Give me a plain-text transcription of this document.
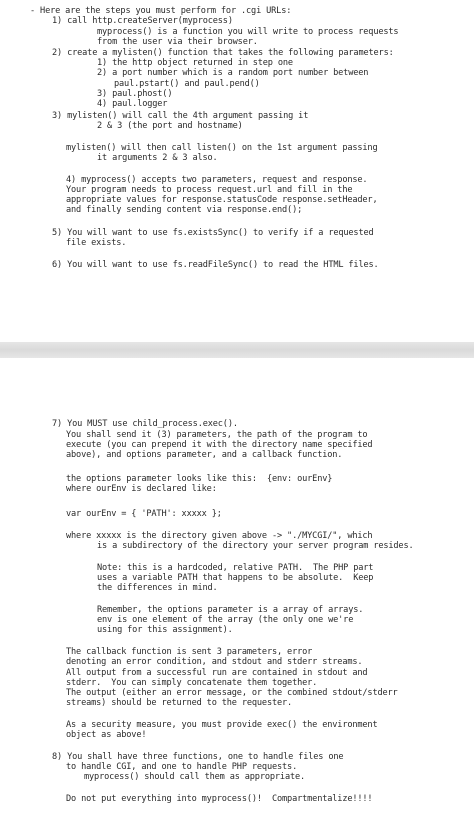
- Here are the steps you must perform for .cgi URLs:
1) call http.createServer(myprocess)
myprocess() is a function you will write to process requests
from the user via their browser.
2) create a mylisten() function that takes the following parameters:
1) the http object returned in step one
2) a port number which is a random port number between
paul.pstart() and paul.pend()
3) paul.phost()
4) paul.logger
3) mylisten() will call the 4th argument passing it
2 & 3 (the port and hostname)
mylisten() will then call listen() on the 1st argument passing
it arguments 2 & 3 also.
4) myprocess() accepts two parameters, request and response.
Your program needs to process request.url and fill in the
appropriate values for response.statusCode response.setHeader,
and finally sending content via response.end();
5) You will want to use fs.existsSync() to verify if a requested
file exists.
6) You will want to use fs.readFileSync() to read the HTML files.
7) You MUST use child_process.exec().
You shall send it (3) parameters, the path of the program to
execute (you can prepend it with the directory name specified
above), and options parameter, and a callback function.
the options parameter looks like this:  {env: ourEnv}
where ourEnv is declared like:
var ourEnv = { 'PATH': xxxxx };
where xxxxx is the directory given above -> "./MYCGI/", which
is a subdirectory of the directory your server program resides.
Note: this is a hardcoded, relative PATH.  The PHP part
uses a variable PATH that happens to be absolute.  Keep
the differences in mind.
Remember, the options parameter is a array of arrays.
env is one element of the array (the only one we're
using for this assignment).
The callback function is sent 3 parameters, error
denoting an error condition, and stdout and stderr streams.
All output from a successful run are contained in stdout and
stderr.  You can simply concatenate them together.
The output (either an error message, or the combined stdout/stderr
streams) should be returned to the requester.
As a security measure, you must provide exec() the environment
object as above!
8) You shall have three functions, one to handle files one
to handle CGI, and one to handle PHP requests.
myprocess() should call them as appropriate.
Do not put everything into myprocess()!  Compartmentalize!!!!
